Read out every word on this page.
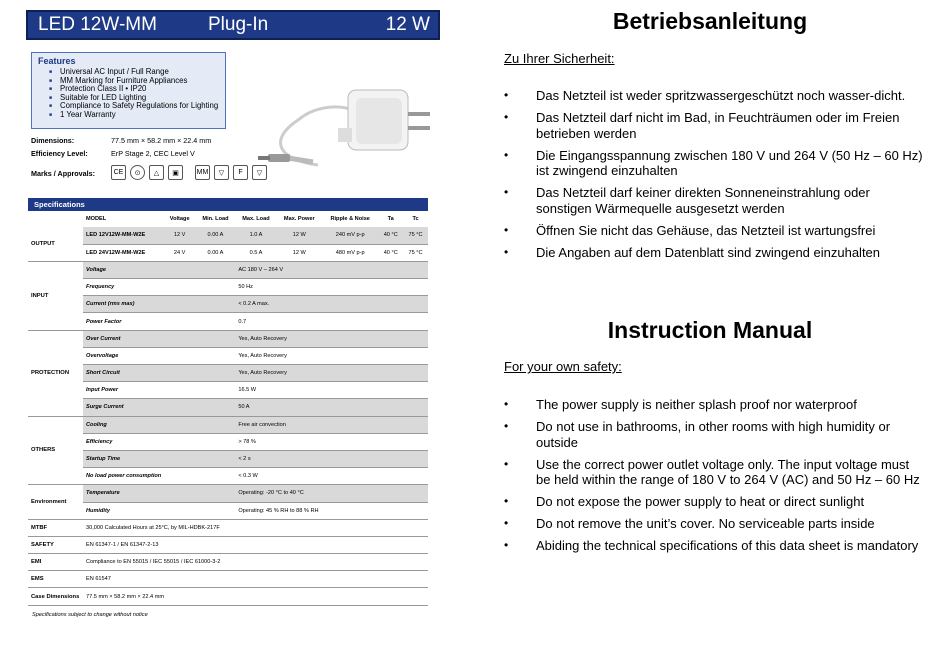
LED 12W-MM	Plug-In	12 W
Features
■ Universal AC Input / Full Range
■ MM Marking for Furniture Appliances
■ Protection Class II • IP20
■ Suitable for LED Lighting
■ Compliance to Safety Regulations for Lighting
■ 1 Year Warranty
Dimensions:	77.5 mm × 58.2 mm × 22.4 mm
Efficiency Level:	ErP Stage 2, CEC Level V
Marks / Approvals:	CE	⊙	△	▣	MM	▽	F	▽
Specifications
	MODEL	Voltage	Min. Load	Max. Load	Max. Power	Ripple & Noise	Ta	Tc
OUTPUT	LED 12V12W-MM-W2E	12 V	0.00 A	1.0 A	12 W	240 mV p-p	40 °C	75 °C
	LED 24V12W-MM-W2E	24 V	0.00 A	0.5 A	12 W	480 mV p-p	40 °C	75 °C
INPUT	Voltage			AC 180 V – 264 V				
	Frequency			50 Hz				
	Current (rms max)			< 0.2 A max.				
	Power Factor			0.7				
PROTECTION	Over Current			Yes, Auto Recovery				
	Overvoltage			Yes, Auto Recovery				
	Short Circuit			Yes, Auto Recovery				
	Input Power			16.5 W				
	Surge Current			50 A				
OTHERS	Cooling			Free air convection				
	Efficiency			> 78 %				
	Startup Time			< 2 s				
	No load power consumption			< 0.3 W				
Environment	Temperature			Operating: -20 °C to 40 °C				
	Humidity			Operating: 45 % RH to 88 % RH				
MTBF	30,000 Calculated Hours at 25°C, by MIL-HDBK-217F							
SAFETY	EN 61347-1 / EN 61347-2-13							
EMI	Compliance to EN 55015 / IEC 55015 / IEC 61000-3-2							
EMS	EN 61547							
Case Dimensions	77.5 mm × 58.2 mm × 22.4 mm							
Specifications subject to change without notice
Betriebsanleitung
Zu Ihrer Sicherheit:
• Das Netzteil ist weder spritzwassergeschützt noch wasser-dicht.
• Das Netzteil darf nicht im Bad, in Feuchträumen oder im Freien betrieben werden
• Die Eingangsspannung zwischen 180 V und 264 V (50 Hz – 60 Hz) ist zwingend einzuhalten
• Das Netzteil darf keiner direkten Sonneneinstrahlung oder sonstigen Wärmequelle ausgesetzt werden
• Öffnen Sie nicht das Gehäuse, das Netzteil ist wartungsfrei
• Die Angaben auf dem Datenblatt sind zwingend einzuhalten
Instruction Manual
For your own safety:
• The power supply is neither splash proof nor waterproof
• Do not use in bathrooms, in other rooms with high humidity or outside
• Use the correct power outlet voltage only. The input voltage must be held within the range of 180 V to 264 V (AC) and 50 Hz – 60 Hz
• Do not expose the power supply to heat or direct sunlight
• Do not remove the unit’s cover. No serviceable parts inside
• Abiding the technical specifications of this data sheet is mandatory
